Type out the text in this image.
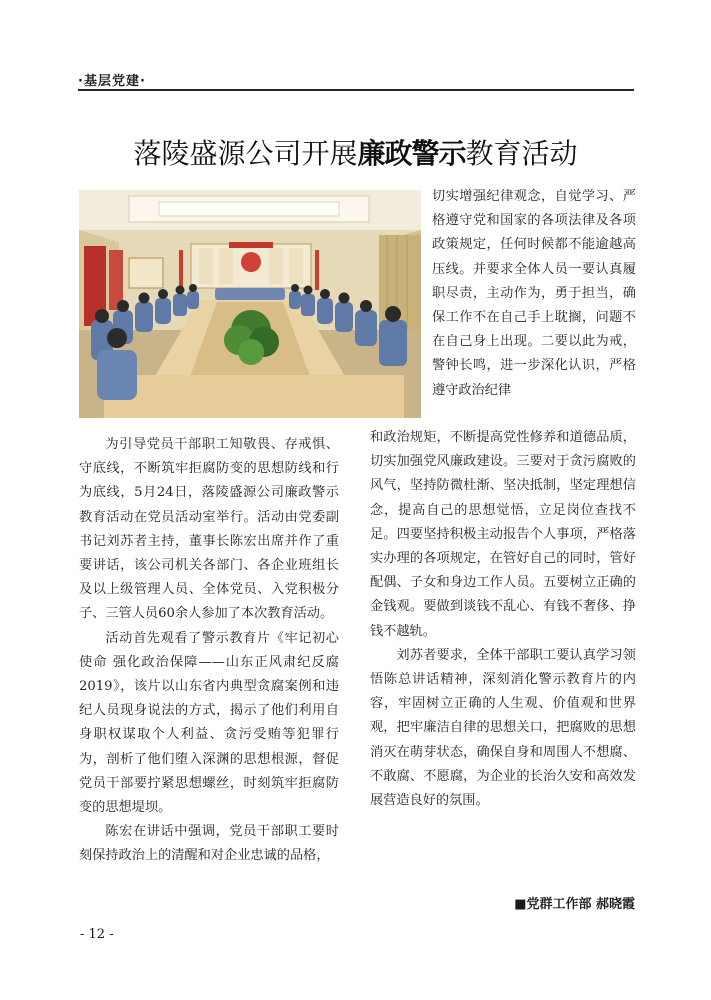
·基层党建·
落陵盛源公司开展廉政警示教育活动

切实增强纪律观念，自觉学习、严格遵守党和国家的各项法律及各项政策规定，任何时候都不能逾越高压线。并要求全体人员一要认真履职尽责，主动作为，勇于担当，确保工作不在自己手上耽搁，问题不在自己身上出现。二要以此为戒，警钟长鸣，进一步深化认识，严格遵守政治纪律

为引导党员干部职工知敬畏、存戒惧、守底线，不断筑牢拒腐防变的思想防线和行为底线，5月24日，落陵盛源公司廉政警示教育活动在党员活动室举行。活动由党委副书记刘苏者主持，董事长陈宏出席并作了重要讲话，该公司机关各部门、各企业班组长及以上级管理人员、全体党员、入党积极分子、三管人员60余人参加了本次教育活动。

活动首先观看了警示教育片《牢记初心使命 强化政治保障——山东正风肃纪反腐2019》，该片以山东省内典型贪腐案例和违纪人员现身说法的方式，揭示了他们利用自身职权谋取个人利益、贪污受贿等犯罪行为，剖析了他们堕入深渊的思想根源，督促党员干部要拧紧思想螺丝，时刻筑牢拒腐防变的思想堤坝。

陈宏在讲话中强调，党员干部职工要时刻保持政治上的清醒和对企业忠诚的品格，

和政治规矩，不断提高党性修养和道德品质，切实加强党风廉政建设。三要对于贪污腐败的风气，坚持防微杜渐、坚决抵制，坚定理想信念，提高自己的思想觉悟，立足岗位查找不足。四要坚持积极主动报告个人事项，严格落实办理的各项规定，在管好自己的同时，管好配偶、子女和身边工作人员。五要树立正确的金钱观。要做到谈钱不乱心、有钱不奢侈、挣钱不越轨。

刘苏者要求，全体干部职工要认真学习领悟陈总讲话精神，深刻消化警示教育片的内容，牢固树立正确的人生观、价值观和世界观，把牢廉洁自律的思想关口，把腐败的思想消灭在萌芽状态，确保自身和周围人不想腐、不敢腐、不愿腐，为企业的长治久安和高效发展营造良好的氛围。

■党群工作部 郝晓霞
- 12 -
